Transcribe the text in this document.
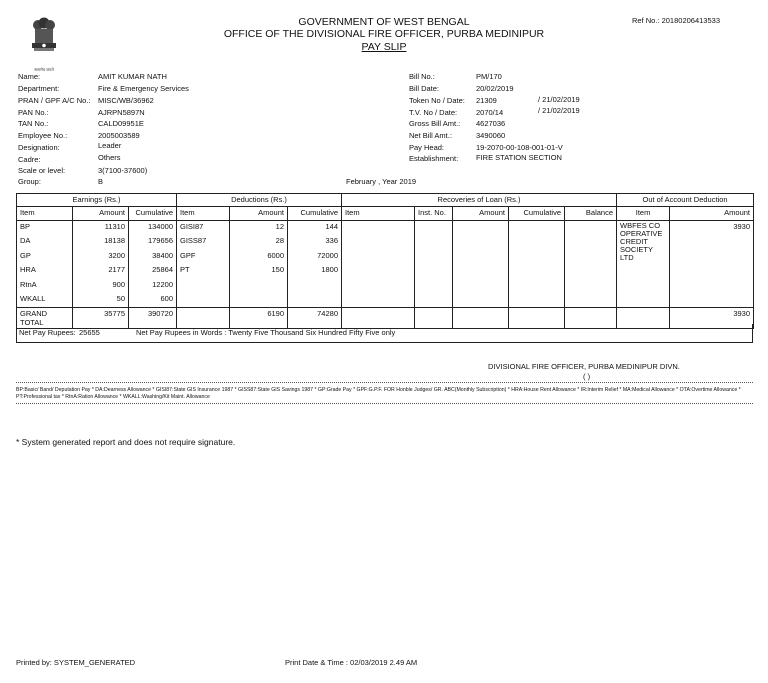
सत्यमेव जयते
GOVERNMENT OF WEST BENGAL
OFFICE OF THE DIVISIONAL FIRE OFFICER, PURBA MEDINIPUR
PAY SLIP
Ref No.: 20180206413533
Name:	AMIT KUMAR NATH
Department:	Fire & Emergency Services
PRAN / GPF A/C No.: MISC/WB/36962
PAN No.:	AJRPN5897N
TAN No.:	CALD09951E
Employee No.:	2005003589
Designation:	Leader
Cadre:	Others
Scale or level:	3(7100-37600)
Group:	B
Bill No.:	PM/170
Bill Date:	20/02/2019
Token No / Date: 21309	/ 21/02/2019
T.V. No / Date:	2070/14	/ 21/02/2019
Gross Bill Amt.: 4627036
Net Bill Amt.:	3490060
Pay Head:	19-2070-00-108-001-01-V
Establishment: FIRE STATION SECTION
February , Year 2019
Earnings (Rs.)			Deductions (Rs.)			Recoveries of Loan (Rs.)					Out of Account Deduction	
Item	Amount	Cumulative	Item	Amount	Cumulative	Item	Inst. No.	Amount	Cumulative	Balance	Item	Amount
BP	11310	134000	GISI87	12	144						WBFES CO OPERATIVE CREDIT SOCIETY LTD	3930
DA	18138	179656	GISS87	28	336							
GP	3200	38400	GPF	6000	72000							
HRA	2177	25864	PT	150	1800							
RtnA	900	12200										
WKALL	50	600										
GRAND TOTAL	35775	390720		6190	74280							3930
Net Pay Rupees: 25655	Net Pay Rupees in Words : Twenty Five Thousand Six Hundred Fifty Five only
DIVISIONAL FIRE OFFICER, PURBA MEDINIPUR DIVN.
( )
BP:Basic/ Band/ Deputation Pay * DA:Dearness Allowance * GISI87:State GIS Insurance 1987 * GISS87:State GIS Savings 1987 * GP:Grade Pay * GPF:G.P.F. FOR Honble Judges/ GR. ABC(Monthly Subscription) * HRA:House Rent Allowance * IR:Interim Relief * MA:Medical Allowance * OTA:Overtime Allowance * PT:Professional tax * RtnA:Ration Allowance * WKALL:Washing/Kit Maint. Allowance
* System generated report and does not require signature.
Printed by: SYSTEM_GENERATED	Print Date & Time : 02/03/2019 2.49 AM
